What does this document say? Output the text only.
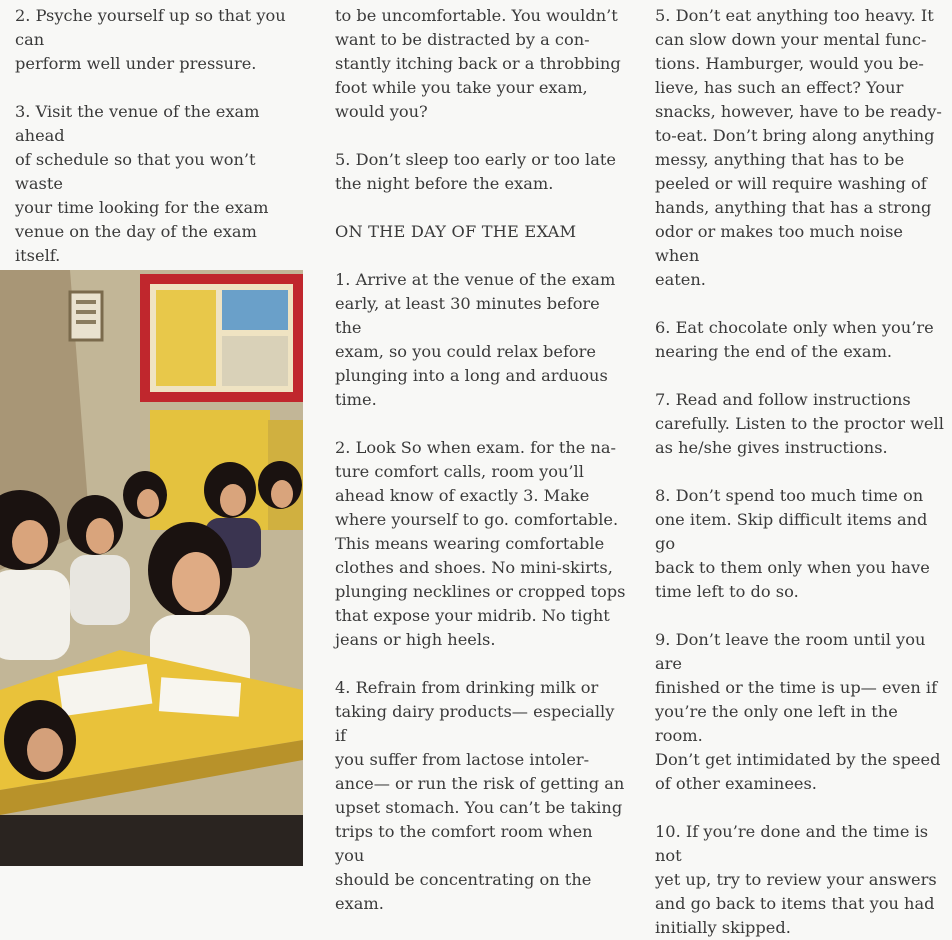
2. Psyche yourself up so that you can
perform well under pressure.

3. Visit the venue of the exam ahead
of schedule so that you won’t waste
your time looking for the exam
venue on the day of the exam itself.

to be uncomfortable. You wouldn’t
want to be distracted by a con-
stantly itching back or a throbbing
foot while you take your exam,
would you?

5. Don’t sleep too early or too late
the night before the exam.

ON THE DAY OF THE EXAM

1. Arrive at the venue of the exam
early, at least 30 minutes before the
exam, so you could relax before
plunging into a long and arduous
time.

2. Look So when exam. for the na-
ture comfort calls, room you’ll
ahead know of exactly 3. Make
where yourself to go. comfortable.
This means wearing comfortable
clothes and shoes. No mini-skirts,
plunging necklines or cropped tops
that expose your midrib. No tight
jeans or high heels.

4. Refrain from drinking milk or
taking dairy products— especially if
you suffer from lactose intoler-
ance— or run the risk of getting an
upset stomach. You can’t be taking
trips to the comfort room when you
should be concentrating on the
exam.

5. Don’t eat anything too heavy. It
can slow down your mental func-
tions. Hamburger, would you be-
lieve, has such an effect? Your
snacks, however, have to be ready-
to-eat. Don’t bring along anything
messy, anything that has to be
peeled or will require washing of
hands, anything that has a strong
odor or makes too much noise when
eaten.

6. Eat chocolate only when you’re
nearing the end of the exam.

7. Read and follow instructions
carefully. Listen to the proctor well
as he/she gives instructions.

8. Don’t spend too much time on
one item. Skip difficult items and go
back to them only when you have
time left to do so.

9. Don’t leave the room until you are
finished or the time is up— even if
you’re the only one left in the room.
Don’t get intimidated by the speed
of other examinees.

10. If you’re done and the time is not
yet up, try to review your answers
and go back to items that you had
initially skipped.
